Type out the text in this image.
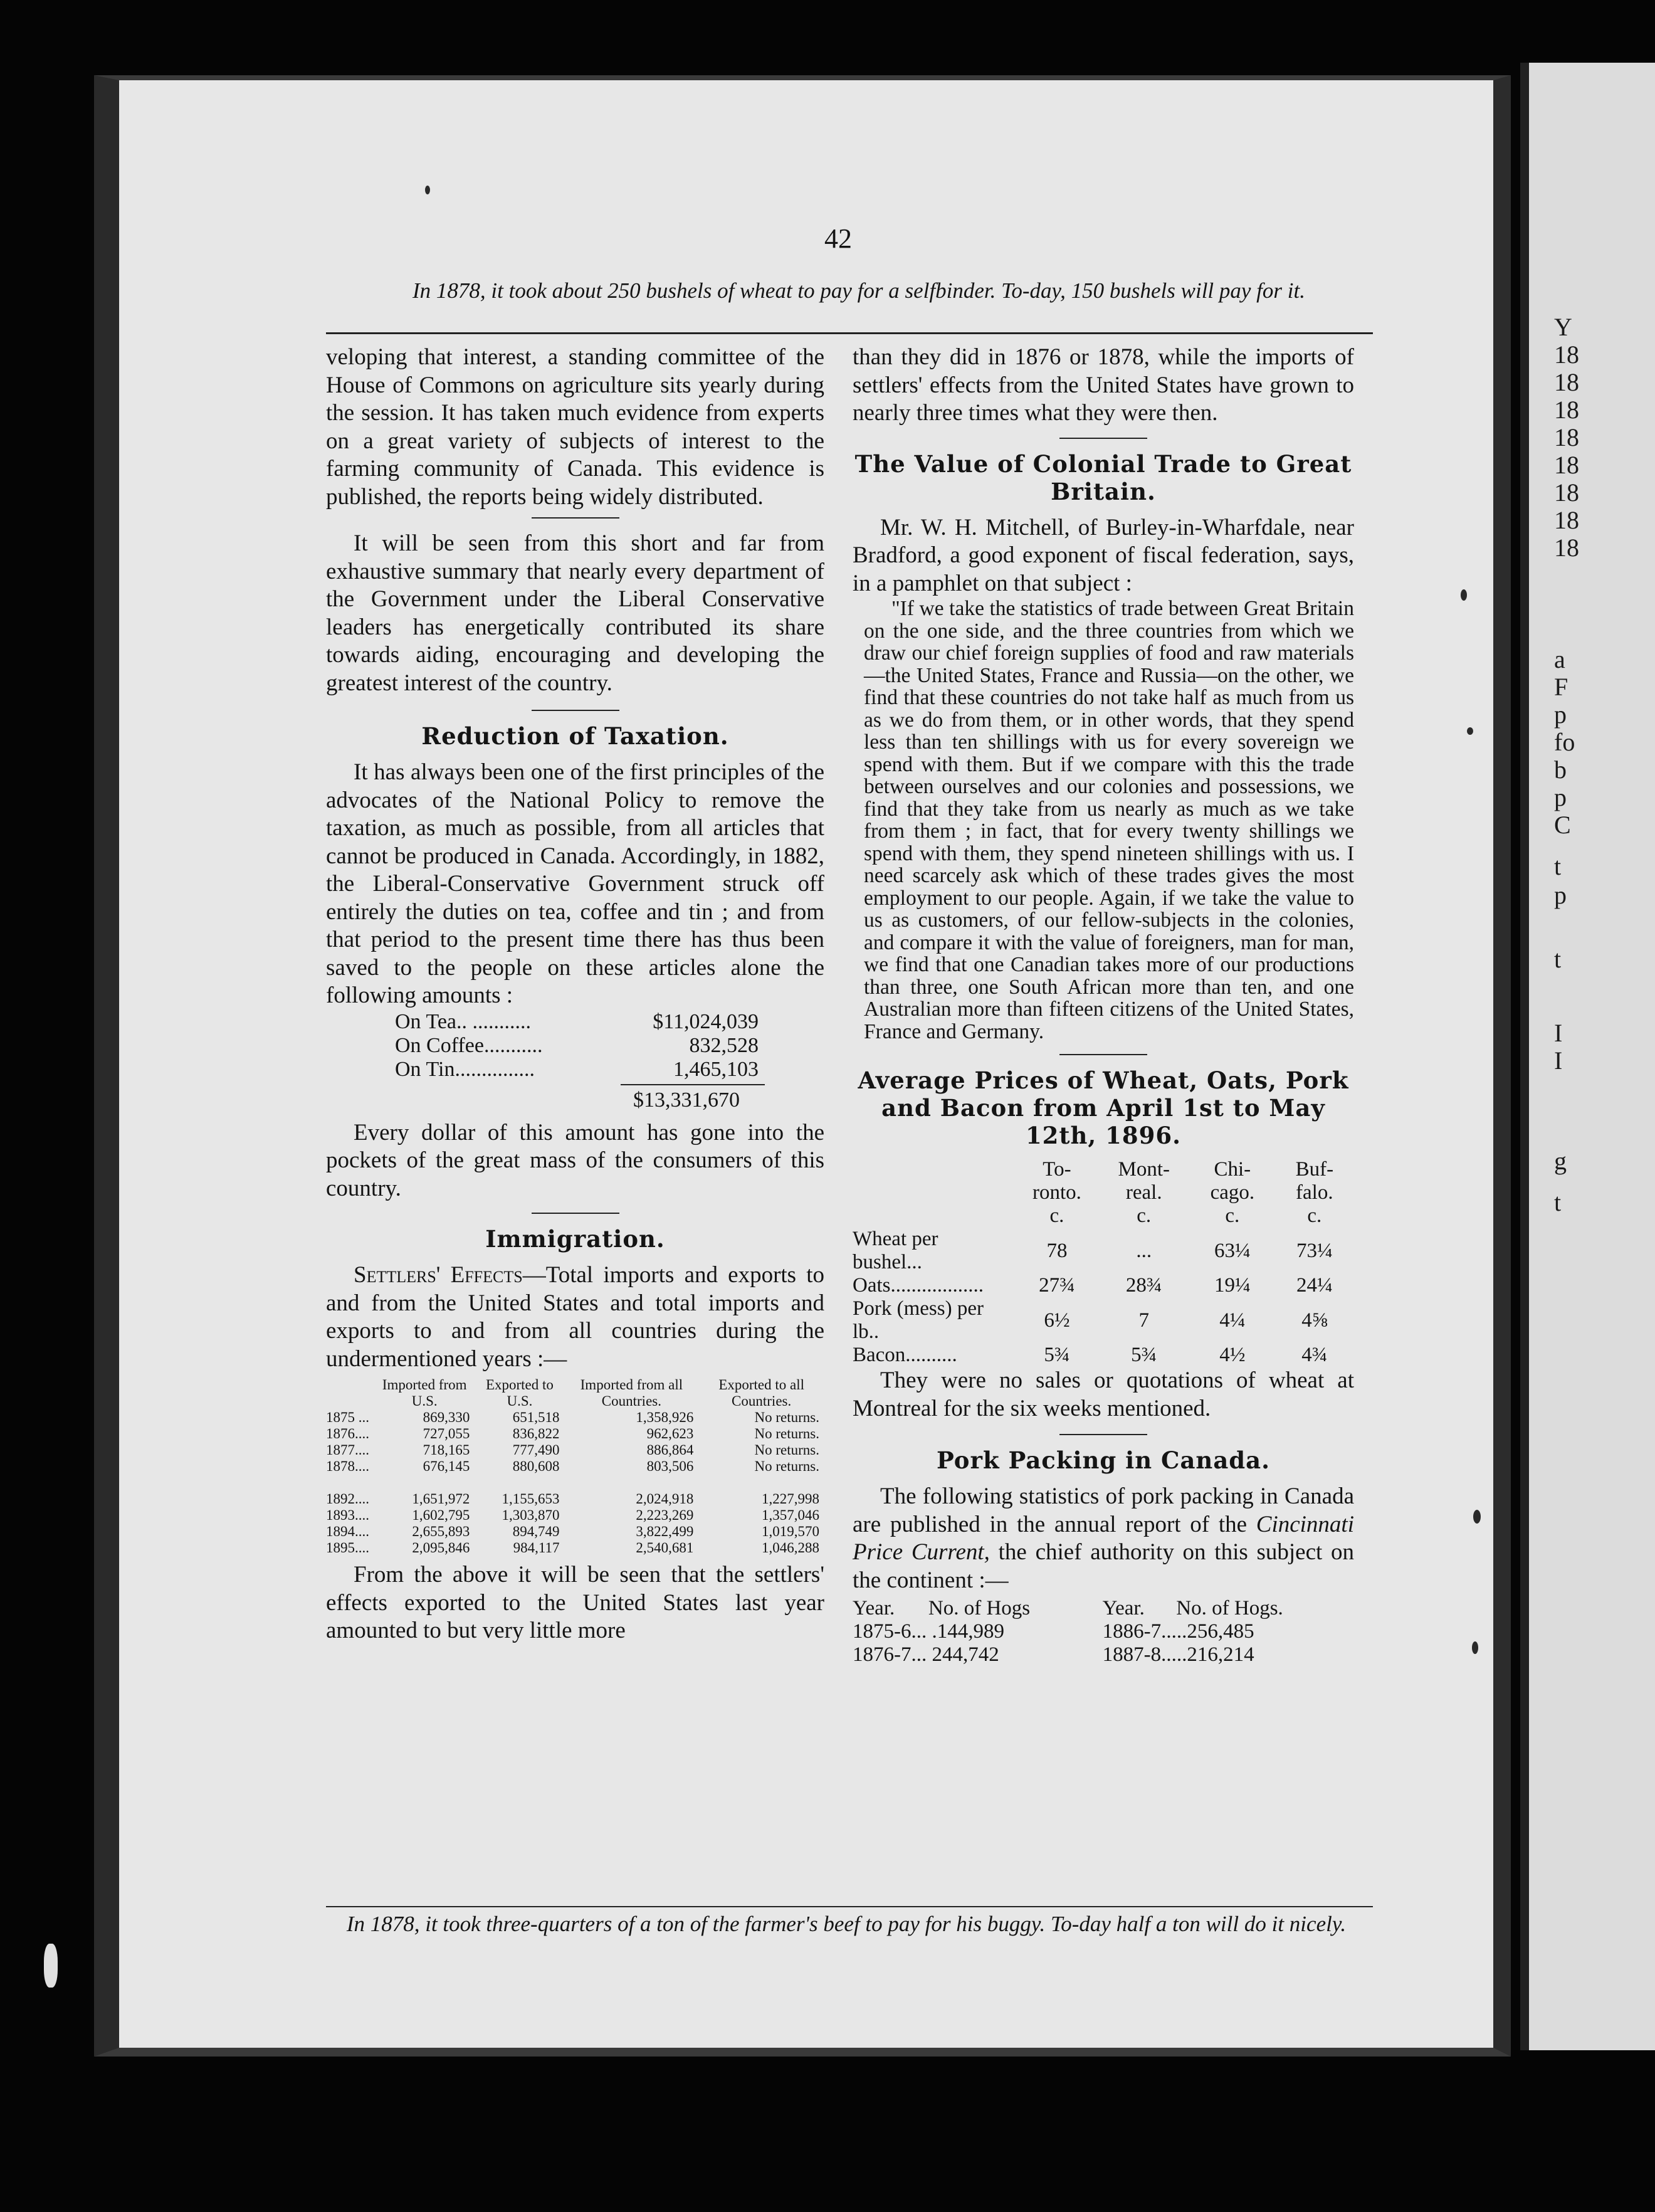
Y
18
18
18
18
18
18
18
18
a
F
p
fo
b
p
C
t
p
t
I
I
g
t
42
In 1878, it took about 250 bushels of wheat to pay for a selfbinder. To-day, 150 bushels will pay for it.

veloping that interest, a standing committee of the House of Commons on agriculture sits yearly during the session. It has taken much evidence from experts on a great variety of subjects of interest to the farming community of Canada. This evidence is published, the reports being widely distributed.

It will be seen from this short and far from exhaustive summary that nearly every department of the Government under the Liberal Conservative leaders has energetically contributed its share towards aiding, encouraging and developing the greatest interest of the country.

Reduction of Taxation.

It has always been one of the first principles of the advocates of the National Policy to remove the taxation, as much as possible, from all articles that cannot be produced in Canada. Accordingly, in 1882, the Liberal-Conservative Government struck off entirely the duties on tea, coffee and tin ; and from that period to the present time there has thus been saved to the people on these articles alone the following amounts :

On Tea.. ...........	$11,024,039
On Coffee...........	832,528
On Tin...............	1,465,103
$13,331,670

Every dollar of this amount has gone into the pockets of the great mass of the consumers of this country.

Immigration.

Settlers' Effects—Total imports and exports to and from the United States and total imports and exports to and from all countries during the undermentioned years :—

	Imported from U.S.	Exported to U.S.	Imported from all Countries.	Exported to all Countries.
1875 ...	869,330	651,518	1,358,926	No returns.
1876....	727,055	836,822	962,623	No returns.
1877....	718,165	777,490	886,864	No returns.
1878....	676,145	880,608	803,506	No returns.

1892....	1,651,972	1,155,653	2,024,918	1,227,998
1893....	1,602,795	1,303,870	2,223,269	1,357,046
1894....	2,655,893	894,749	3,822,499	1,019,570
1895....	2,095,846	984,117	2,540,681	1,046,288

From the above it will be seen that the settlers' effects exported to the United States last year amounted to but very little more

than they did in 1876 or 1878, while the imports of settlers' effects from the United States have grown to nearly three times what they were then.

The Value of Colonial Trade to Great Britain.

Mr. W. H. Mitchell, of Burley-in-Wharfdale, near Bradford, a good exponent of fiscal federation, says, in a pamphlet on that subject :

"If we take the statistics of trade between Great Britain on the one side, and the three countries from which we draw our chief foreign supplies of food and raw materials—the United States, France and Russia—on the other, we find that these countries do not take half as much from us as we do from them, or in other words, that they spend less than ten shillings with us for every sovereign we spend with them. But if we compare with this the trade between ourselves and our colonies and possessions, we find that they take from us nearly as much as we take from them ; in fact, that for every twenty shillings we spend with them, they spend nineteen shillings with us. I need scarcely ask which of these trades gives the most employment to our people. Again, if we take the value to us as customers, of our fellow-subjects in the colonies, and compare it with the value of foreigners, man for man, we find that one Canadian takes more of our productions than three, one South African more than ten, and one Australian more than fifteen citizens of the United States, France and Germany.

Average Prices of Wheat, Oats, Pork and Bacon from April 1st to May 12th, 1896.
	To-ronto.	Mont-real.	Chi-cago.	Buf-falo.
	c.	c.	c.	c.
Wheat per bushel...	78	...	63¼	73¼
Oats..................	27¾	28¾	19¼	24¼
Pork (mess) per lb..	6½	7	4¼	4⅝
Bacon..........	5¾	5¾	4½	4¾

They were no sales or quotations of wheat at Montreal for the six weeks mentioned.

Pork Packing in Canada.

The following statistics of pork packing in Canada are published in the annual report of the Cincinnati Price Current, the chief authority on this subject on the continent :—

Year.	No. of Hogs	Year.	No. of Hogs.
1875-6... .144,989		1886-7.....256,485	
1876-7... 244,742		1887-8.....216,214	
In 1878, it took three-quarters of a ton of the farmer's beef to pay for his buggy. To-day half a ton will do it nicely.
